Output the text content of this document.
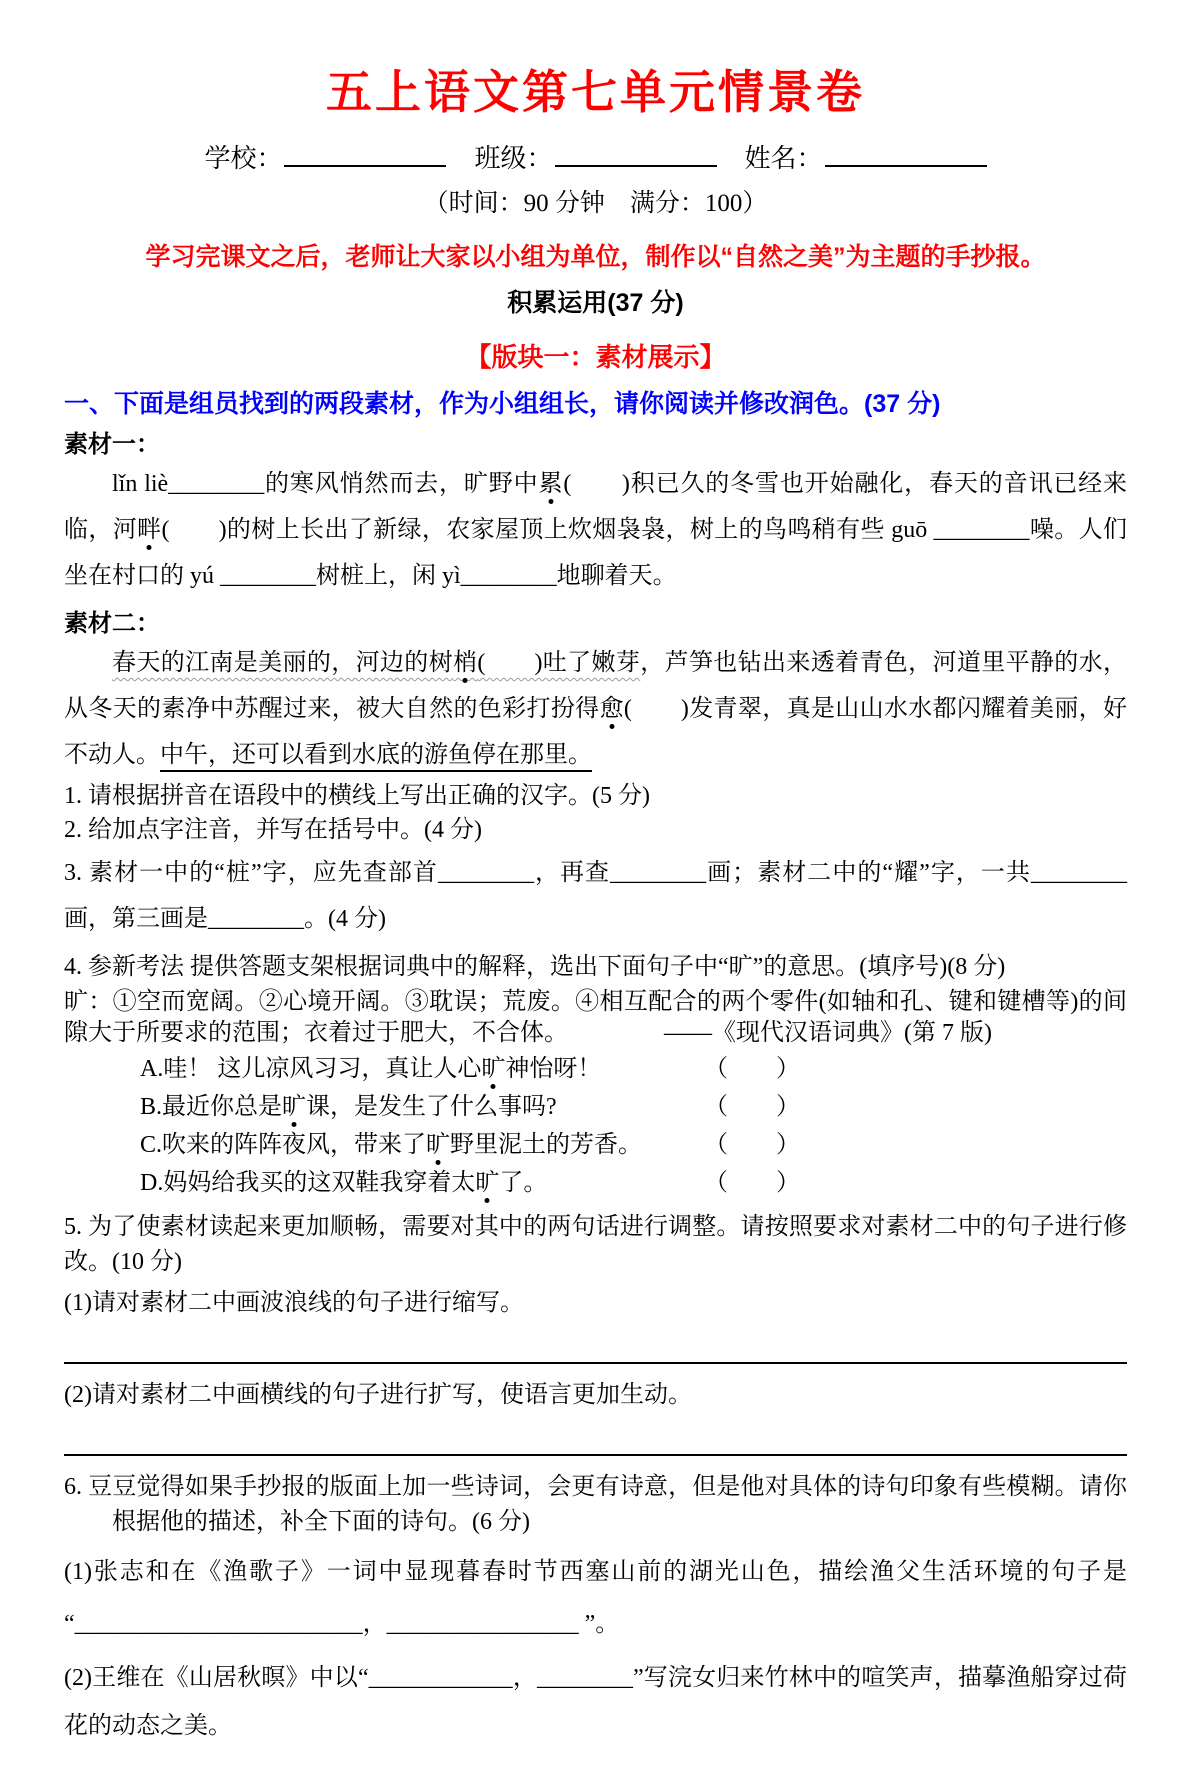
五上语文第七单元情景卷
学校：	班级：	姓名：
（时间：90 分钟　满分：100）
学习完课文之后，老师让大家以小组为单位，制作以“自然之美”为主题的手抄报。
积累运用(37 分)
【版块一：素材展示】
一、下面是组员找到的两段素材，作为小组组长，请你阅读并修改润色。(37 分)
素材一：

lǐn liè________的寒风悄然而去，旷野中累(　　)积已久的冬雪也开始融化，春天的音讯已经来临，河畔(　　)的树上长出了新绿，农家屋顶上炊烟袅袅，树上的鸟鸣稍有些 guō ________噪。人们坐在村口的 yú ________树桩上，闲 yì________地聊着天。

素材二：

春天的江南是美丽的，河边的树梢(　　)吐了嫩芽，芦笋也钻出来透着青色，河道里平静的水，从冬天的素净中苏醒过来，被大自然的色彩打扮得愈(　　)发青翠，真是山山水水都闪耀着美丽，好不动人。中午，还可以看到水底的游鱼停在那里。

1. 请根据拼音在语段中的横线上写出正确的汉字。(5 分)
2. 给加点字注音，并写在括号中。(4 分)
3. 素材一中的“桩”字，应先查部首________，再查________画；素材二中的“耀”字，一共________画，第三画是________。(4 分)
4. 参新考法 提供答题支架根据词典中的解释，选出下面句子中“旷”的意思。(填序号)(8 分)
旷：①空而宽阔。②心境开阔。③耽误；荒废。④相互配合的两个零件(如轴和孔、键和键槽等)的间隙大于所要求的范围；衣着过于肥大，不合体。	——《现代汉语词典》(第 7 版)
A.哇！ 这儿凉风习习，真让人心旷神怡呀！	（　　）
B.最近你总是旷课，是发生了什么事吗?	（　　）
C.吹来的阵阵夜风，带来了旷野里泥土的芳香。	（　　）
D.妈妈给我买的这双鞋我穿着太旷了。	（　　）
5. 为了使素材读起来更加顺畅，需要对其中的两句话进行调整。请按照要求对素材二中的句子进行修改。(10 分)
(1)请对素材二中画波浪线的句子进行缩写。
(2)请对素材二中画横线的句子进行扩写，使语言更加生动。
6. 豆豆觉得如果手抄报的版面上加一些诗词，会更有诗意，但是他对具体的诗句印象有些模糊。请你根据他的描述，补全下面的诗句。(6 分)
(1)张志和在《渔歌子》一词中显现暮春时节西塞山前的湖光山色，描绘渔父生活环境的句子是“________________________，________________ ”。
(2)王维在《山居秋暝》中以“____________，________”写浣女归来竹林中的喧笑声，描摹渔船穿过荷花的动态之美。
